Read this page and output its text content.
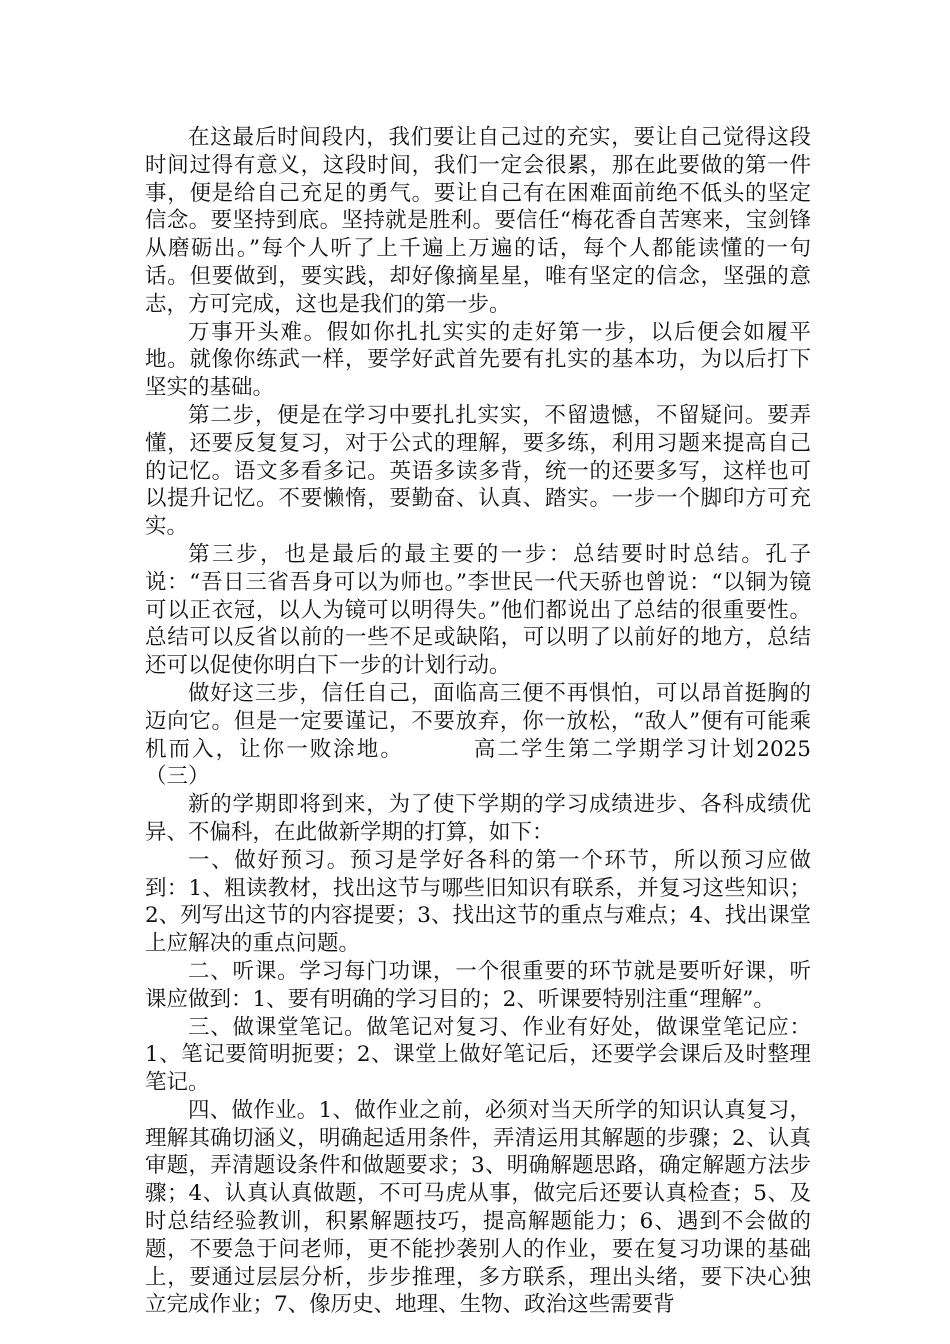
在这最后时间段内，我们要让自己过的充实，要让自己觉得这段时间过得有意义，这段时间，我们一定会很累，那在此要做的第一件事，便是给自己充足的勇气。要让自己有在困难面前绝不低头的坚定信念。要坚持到底。坚持就是胜利。要信任“梅花香自苦寒来，宝剑锋从磨砺出。”每个人听了上千遍上万遍的话，每个人都能读懂的一句话。但要做到，要实践，却好像摘星星，唯有坚定的信念，坚强的意志，方可完成，这也是我们的第一步。

万事开头难。假如你扎扎实实的走好第一步，以后便会如履平地。就像你练武一样，要学好武首先要有扎实的基本功，为以后打下坚实的基础。

第二步，便是在学习中要扎扎实实，不留遗憾，不留疑问。要弄懂，还要反复复习，对于公式的理解，要多练，利用习题来提高自己的记忆。语文多看多记。英语多读多背，统一的还要多写，这样也可以提升记忆。不要懒惰，要勤奋、认真、踏实。一步一个脚印方可充实。

第三步，也是最后的最主要的一步：总结要时时总结。孔子说：“吾日三省吾身可以为师也。”李世民一代天骄也曾说：“以铜为镜可以正衣冠，以人为镜可以明得失。”他们都说出了总结的很重要性。总结可以反省以前的一些不足或缺陷，可以明了以前好的地方，总结还可以促使你明白下一步的计划行动。

做好这三步，信任自己，面临高三便不再惧怕，可以昂首挺胸的迈向它。但是一定要谨记，不要放弃，你一放松，“敌人”便有可能乘机而入，让你一败涂地。	高二学生第二学期学习计划2025（三）

新的学期即将到来，为了使下学期的学习成绩进步、各科成绩优异、不偏科，在此做新学期的打算，如下：

一、做好预习。预习是学好各科的第一个环节，所以预习应做到：1、粗读教材，找出这节与哪些旧知识有联系，并复习这些知识；2、列写出这节的内容提要；3、找出这节的重点与难点；4、找出课堂上应解决的重点问题。

二、听课。学习每门功课，一个很重要的环节就是要听好课，听课应做到：1、要有明确的学习目的；2、听课要特别注重“理解”。

三、做课堂笔记。做笔记对复习、作业有好处，做课堂笔记应：1、笔记要简明扼要；2、课堂上做好笔记后，还要学会课后及时整理笔记。

四、做作业。1、做作业之前，必须对当天所学的知识认真复习，理解其确切涵义，明确起适用条件，弄清运用其解题的步骤；2、认真审题，弄清题设条件和做题要求；3、明确解题思路，确定解题方法步骤；4、认真认真做题，不可马虎从事，做完后还要认真检查；5、及时总结经验教训，积累解题技巧，提高解题能力；6、遇到不会做的题，不要急于问老师，更不能抄袭别人的作业，要在复习功课的基础上，要通过层层分析，步步推理，多方联系，理出头绪，要下决心独立完成作业；7、像历史、地理、生物、政治这些需要背
